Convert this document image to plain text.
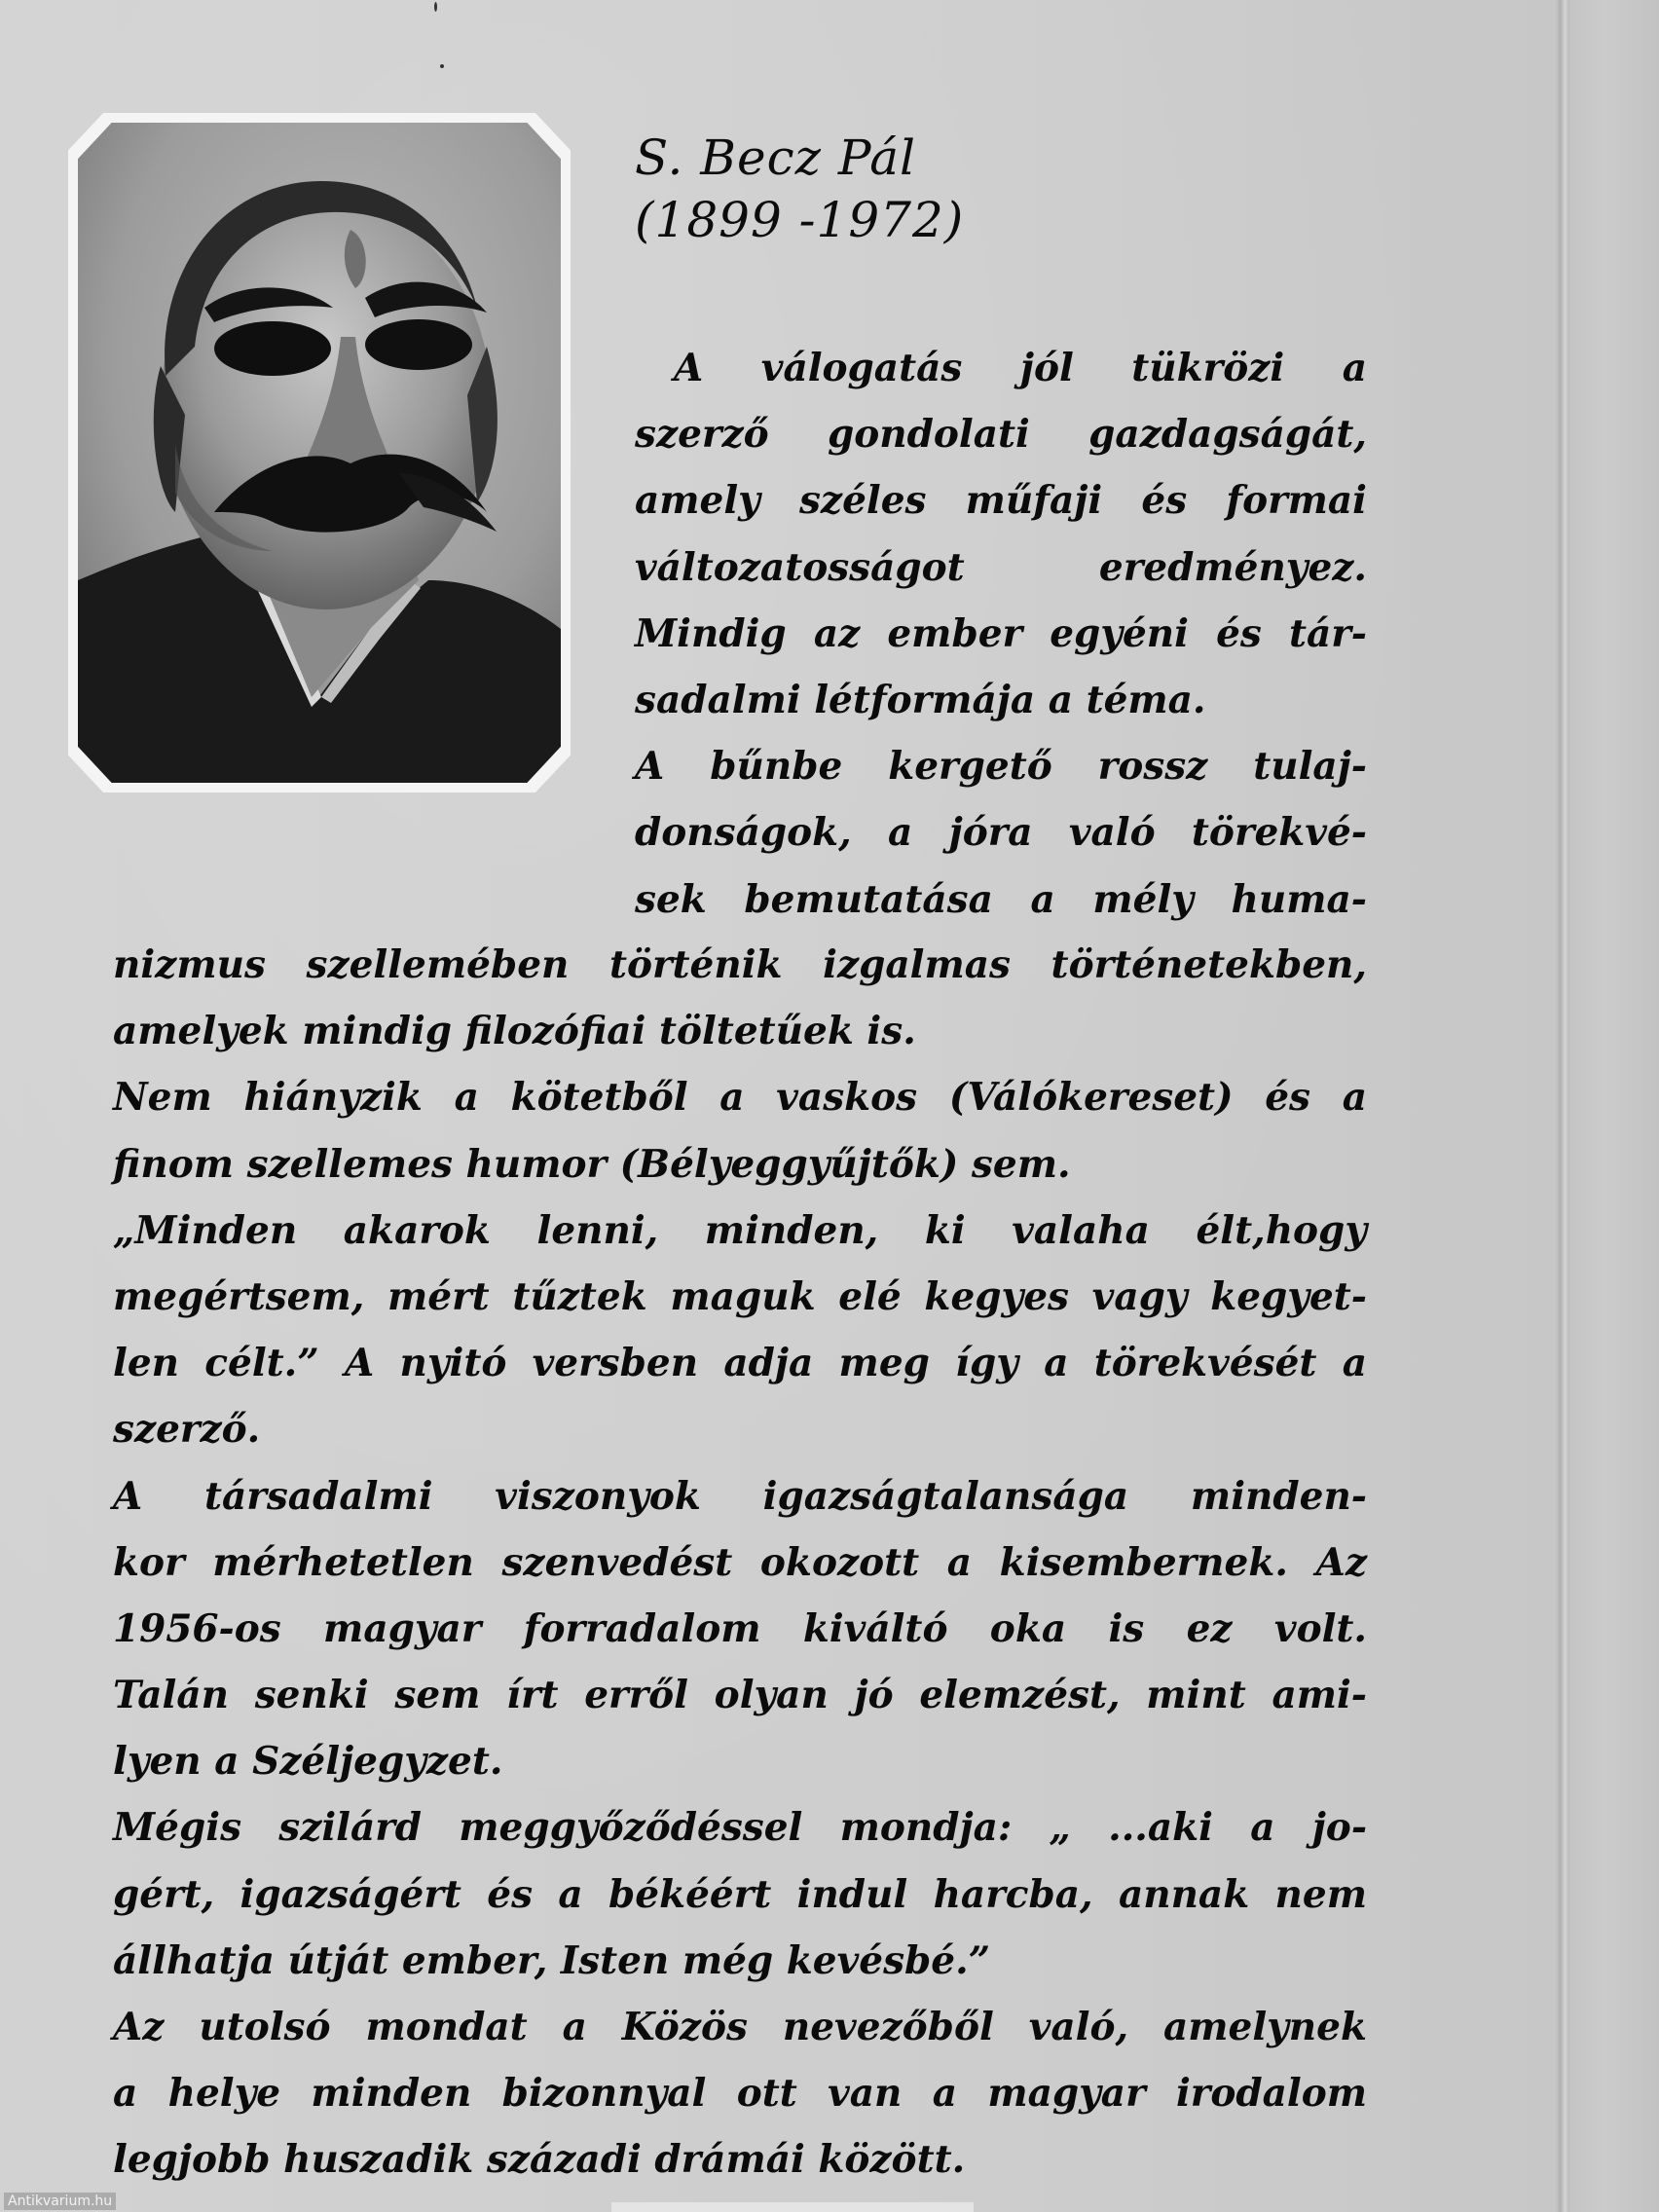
S. Becz Pál
(1899 -1972)
A válogatás jól tükrözi a
szerző gondolati gazdagságát,
amely széles műfaji és formai
változatosságot eredményez.
Mindig az ember egyéni és tár-
sadalmi létformája a téma.
A bűnbe kergető rossz tulaj-
donságok, a jóra való törekvé-
sek bemutatása a mély huma-
nizmus szellemében történik izgalmas történetekben,
amelyek mindig filozófiai töltetűek is.
Nem hiányzik a kötetből a vaskos (Válókereset) és a
finom szellemes humor (Bélyeggyűjtők) sem.
„Minden akarok lenni, minden, ki valaha élt,hogy
megértsem, mért tűztek maguk elé kegyes vagy kegyet-
len célt.” A nyitó versben adja meg így a törekvését a
szerző.
A társadalmi viszonyok igazságtalansága minden-
kor mérhetetlen szenvedést okozott a kisembernek. Az
1956-os magyar forradalom kiváltó oka is ez volt.
Talán senki sem írt erről olyan jó elemzést, mint ami-
lyen a Széljegyzet.
Mégis szilárd meggyőződéssel mondja: „ ...aki a jo-
gért, igazságért és a békéért indul harcba, annak nem
állhatja útját ember, Isten még kevésbé.”
Az utolsó mondat a Közös nevezőből való, amelynek
a helye minden bizonnyal ott van a magyar irodalom
legjobb huszadik századi drámái között.
Antikvarium.hu
